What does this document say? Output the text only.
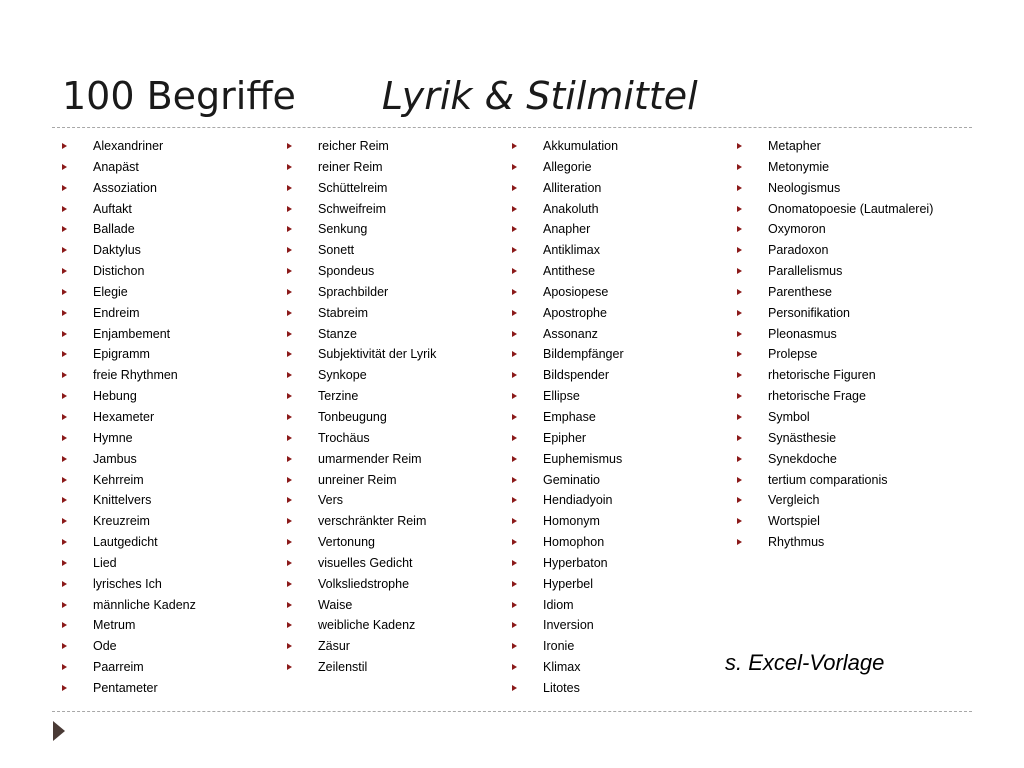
100 Begriffe Lyrik & Stilmittel
Alexandriner
Anapäst
Assoziation
Auftakt
Ballade
Daktylus
Distichon
Elegie
Endreim
Enjambement
Epigramm
freie Rhythmen
Hebung
Hexameter
Hymne
Jambus
Kehrreim
Knittelvers
Kreuzreim
Lautgedicht
Lied
lyrisches Ich
männliche Kadenz
Metrum
Ode
Paarreim
Pentameter
reicher Reim
reiner Reim
Schüttelreim
Schweifreim
Senkung
Sonett
Spondeus
Sprachbilder
Stabreim
Stanze
Subjektivität der Lyrik
Synkope
Terzine
Tonbeugung
Trochäus
umarmender Reim
unreiner Reim
Vers
verschränkter Reim
Vertonung
visuelles Gedicht
Volksliedstrophe
Waise
weibliche Kadenz
Zäsur
Zeilenstil
Akkumulation
Allegorie
Alliteration
Anakoluth
Anapher
Antiklimax
Antithese
Aposiopese
Apostrophe
Assonanz
Bildempfänger
Bildspender
Ellipse
Emphase
Epipher
Euphemismus
Geminatio
Hendiadyoin
Homonym
Homophon
Hyperbaton
Hyperbel
Idiom
Inversion
Ironie
Klimax
Litotes
Metapher
Metonymie
Neologismus
Onomatopoesie (Lautmalerei)
Oxymoron
Paradoxon
Parallelismus
Parenthese
Personifikation
Pleonasmus
Prolepse
rhetorische Figuren
rhetorische Frage
Symbol
Synästhesie
Synekdoche
tertium comparationis
Vergleich
Wortspiel
Rhythmus
s. Excel-Vorlage
